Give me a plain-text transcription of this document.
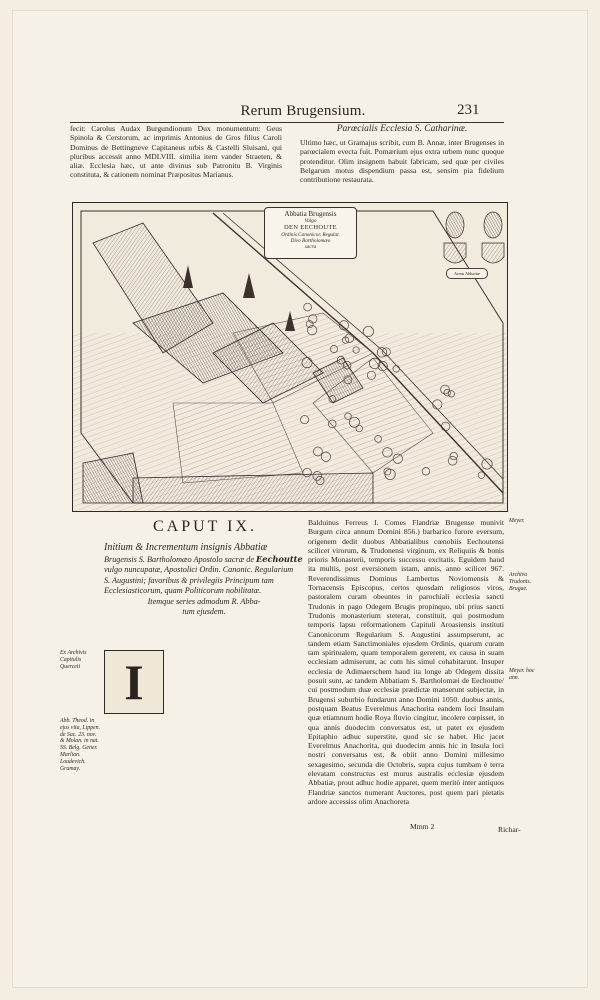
Rerum Brugensium.	231
fecit: Carolus Audax Burgundionum Dux monumentum: Geus Spinola & Cerstorum, ac imprimis Antonius de Gros filius Caroli Dominus de Bettingneve Capitaneus urbis & Castelli Sluisani, qui pluribus accessit anno MDLVIII. similia item vander Straeten, & aliæ. Ecclesia hæc, ut ante divinus sub Patronitu B. Virginis constituta, & cationem nominat Præpositus Marianus.
Parœcialis Ecclesia S. Catharinæ.
Ultimo hæc, ut Gramajus scribit, cum B. Annæ, inter Brugenses in parœcialem evecta fuit. Pomærium ejus extra urbem nunc quoque protenditur. Olim insignem habuit fabricam, sed quæ per civiles Belgarum motus dispendium passa est, sensim pia fidelium contributione restaurata.
Abbatia Brugensis
Vulgo
DEN EECHOUTE
Ordinis Canonicor. Regular.
Divo Bartholomæo
sacra
Arma Abbatiæ
CAPUT IX.
Initium & Incrementum insignis Abbatiæ
Brugensis S. Bartholomæo Apostolo sacræ de Eechoutte
vulgo nuncupatæ, Apostolici Ordin. Canonic. Regularium
S. Augustini; favoribus & privilegiis Principum tam
Ecclesiasticorum, quam Politicorum nobilitatæ.

Itemque series admodum R. Abba-
tum ejusdem.
Ex Archivis Capitulis Querceti
Abb. Theod. in ejus vita, Lippen. de Sac. 23. nov. & Molan. in nat. SS. Belg. Gener. Marlian. Loudevich. Gramay.
I
Balduinus Ferreus I. Comes Flandriæ Brugense munivit Burgum circa annum Domini 856.) barbarico furore eversum, origenem dedit duobus Abbatialibus cœnobiis Eechoutensi scilicet virorum, & Trudonensi virginum, ex Reliquiis & bonis prioris Monasterii, temporis successu excitatis. Eguidem haud ita multis, post eversionem istam, annis, anno scilicet 967. Reverendissimus Dominus Lambertus Noviomensis & Tornacensis Episcopus, certos quosdam religiosos viros, pastoralem curam obeuntes in parochiali ecclesia sancti Trudonis in pago Odegem Brugis propinquo, ubi prius sancti Trudonis monasterium steterat, constituit, qui postmodum temporis lapsu reformationem Capituli Aroasiensis instituti Canonicorum Regularium S. Augustini assumpserunt, ac tandem etiam Sanctimoniales ejusdem Ordinis, quarum curam tam spiritualem, quam temporalem gererent, ex causa in suam ecclesiam admiserunt, ac cum his simul cohabitarunt. Insuper ecclesia de Adimaerschem haud ita longe ab Odegem dissita posuit sunt, ac tandem Abbatiam S. Bartholomæi de Eechoutte/ cui postmodum duæ ecclesiæ prædictæ manserunt subjectæ, in Brugensi suburbio fundarunt anno Domini 1050. duobus annis, postquam Beatus Everelmus Anachorita eandem loci Insulam quæ etiamnum hodie Roya fluvio cingitur, incolere cœpisset, in qua annis duodecim conversatus est, ut patet ex ejusdem Epitaphio adhuc superstite, quod sic se habet. Hic jacet Everelmus Anachorita, qui duodecim annis hic in Insula loci nostri conversatus est, & obiit anno Domini millesimo sexagesimo, secunda die Octobris, supra cujus tumbam è terra elevatam constructus est murus australis ecclesiæ ejusdem Abbatiæ, prout adhuc hodie apparet, quem meritò inter antiquos Flandriæ sanctos numerant Auctores, post quem pari pietatis ardore accessiss olim Anachoreta
Meyer.
Archiva Trudonis. Brugae.
Meyer. hoc ann.
Mmm 2	Richar-
